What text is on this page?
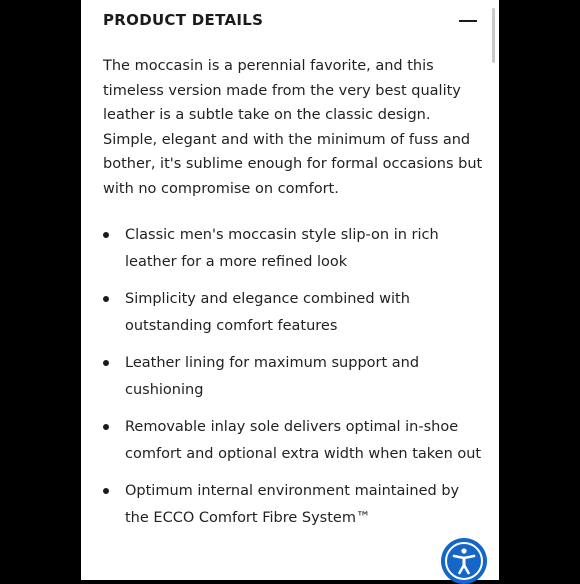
PRODUCT DETAILS

The moccasin is a perennial favorite, and this timeless version made from the very best quality leather is a subtle take on the classic design. Simple, elegant and with the minimum of fuss and bother, it's sublime enough for formal occasions but with no compromise on comfort.

Classic men's moccasin style slip-on in rich leather for a more refined look
Simplicity and elegance combined with outstanding comfort features
Leather lining for maximum support and cushioning
Removable inlay sole delivers optimal in-shoe comfort and optional extra width when taken out
Optimum internal environment maintained by the ECCO Comfort Fibre System™
